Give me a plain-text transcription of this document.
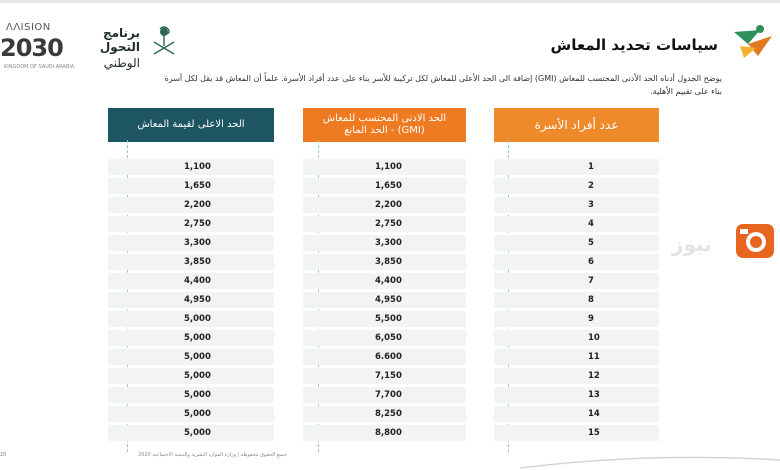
ɅɅISION
2030
KINGDOM OF SAUDI ARABIA
برنامج التحول
الوطني
سياسات تحديد المعاش
يوضح الجدول أدناه الحد الأدنى المحتسب للمعاش (GMI) إضافة الى الحد الأعلى للمعاش لكل تركيبة للأسر بناء على عدد أفراد الأسرة. علماً أن المعاش قد يقل لكل أسرة بناء على تقييم الأهلية.
الحد الاعلى لقيمة المعاش
الحد الادنى المحتسب للمعاش (GMI) - الحد المانع	عدد أفراد الأسرة
1,100
1,650
2,200
2,750
3,300
3,850
4,400
4,950
5,000
5,000
5,000
5,000
5,000
5,000
5,000
1,100
1,650
2,200
2,750
3,300
3,850
4,400
4,950
5,500
6,050
6.600
7,150
7,700
8,250
8,800
1
2
3
4
5
6
7
8
9
10
11
12
13
14
15
نيوز
20	جميع الحقوق محفوظة | وزارة الموارد البشرية والتنمية الاجتماعية 2020
